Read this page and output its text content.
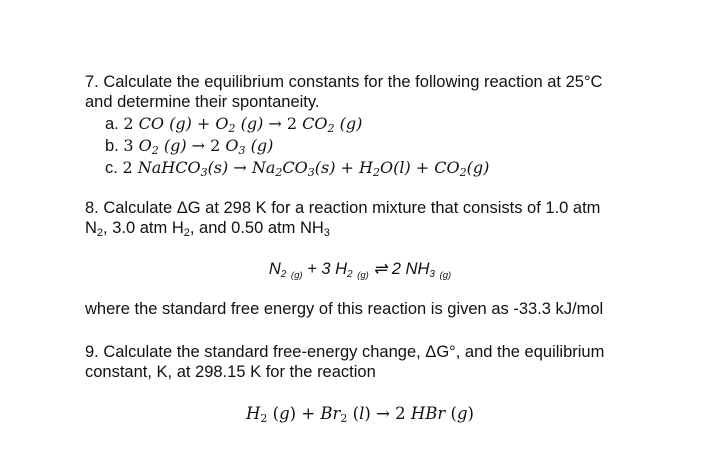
7. Calculate the equilibrium constants for the following reaction at 25°C
and determine their spontaneity.
a. 2 CO $(g) + O_2$ (g) → 2 $CO_2$ (g)
b. 3 $O_2$ (g) → 2 $O_3$ (g)
c. 2 NaHCO$_3$(s) → $Na_2CO_3(s) + H_2O(l) + CO_2(g)$
8. Calculate ΔG at 298 K for a reaction mixture that consists of 1.0 atm
$N_2$, 3.0 atm $H_2$, and 0.50 atm $NH_3$
$N_2$ $_{(g)}$ + 3 $H_2$ $_{(g)}$ ⇌ 2 $NH_3$ $_{(g)}$
where the standard free energy of this reaction is given as -33.3 kJ/mol
9. Calculate the standard free-energy change, ΔG°, and the equilibrium
constant, K, at 298.15 K for the reaction
$H_2$ $(g) + Br_2$ (l) → 2 HBr (g)
